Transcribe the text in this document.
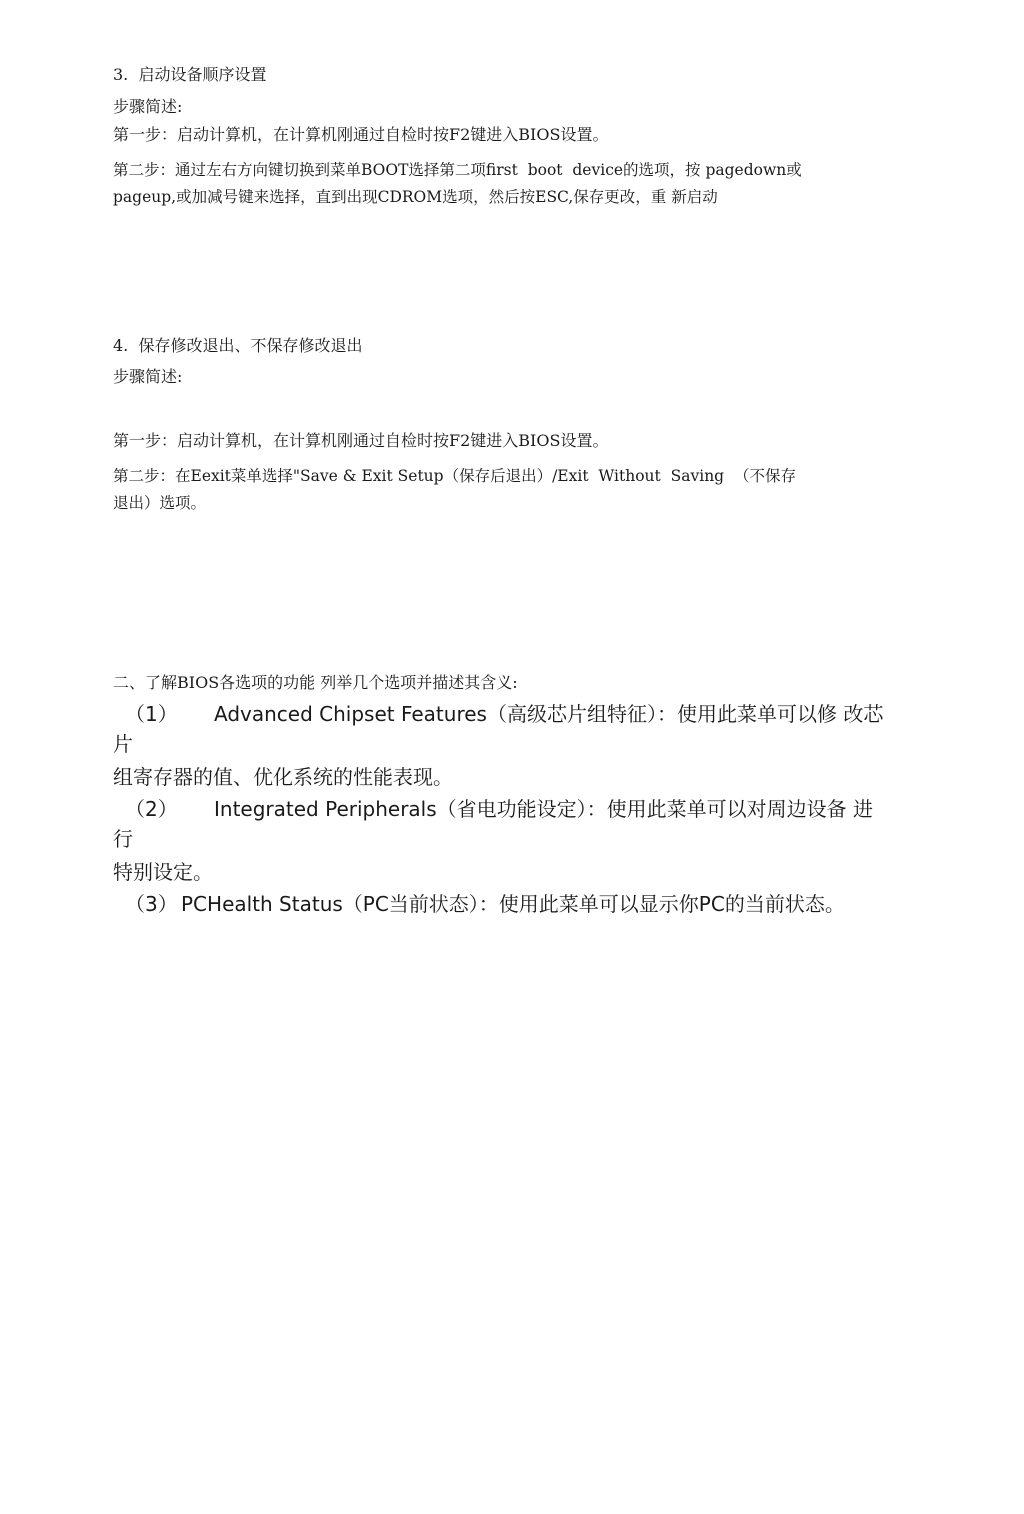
3.  启动设备顺序设置
步骤简述:
第一步：启动计算机，在计算机刚通过自检时按F2键进入BIOS设置。
第二步：通过左右方向键切换到菜单BOOT选择第二项first  boot  device的选项，按 pagedown或
pageup,或加减号键来选择，直到出现CDROM选项，然后按ESC,保存更改，重 新启动
4.  保存修改退出、不保存修改退出
步骤简述:
第一步：启动计算机，在计算机刚通过自检时按F2键进入BIOS设置。
第二步：在Eexit菜单选择"Save & Exit Setup（保存后退出）/Exit  Without  Saving  （不保存
退出）选项。
二、了解BIOS各选项的功能 列举几个选项并描述其含义:
（1） Advanced Chipset Features（高级芯片组特征）：使用此菜单可以修 改芯
片
组寄存器的值、优化系统的性能表现。
（2） Integrated Peripherals（省电功能设定）：使用此菜单可以对周边设备 进
行
特别设定。
（3） PCHealth Status（PC当前状态）：使用此菜单可以显示你PC的当前状态。
